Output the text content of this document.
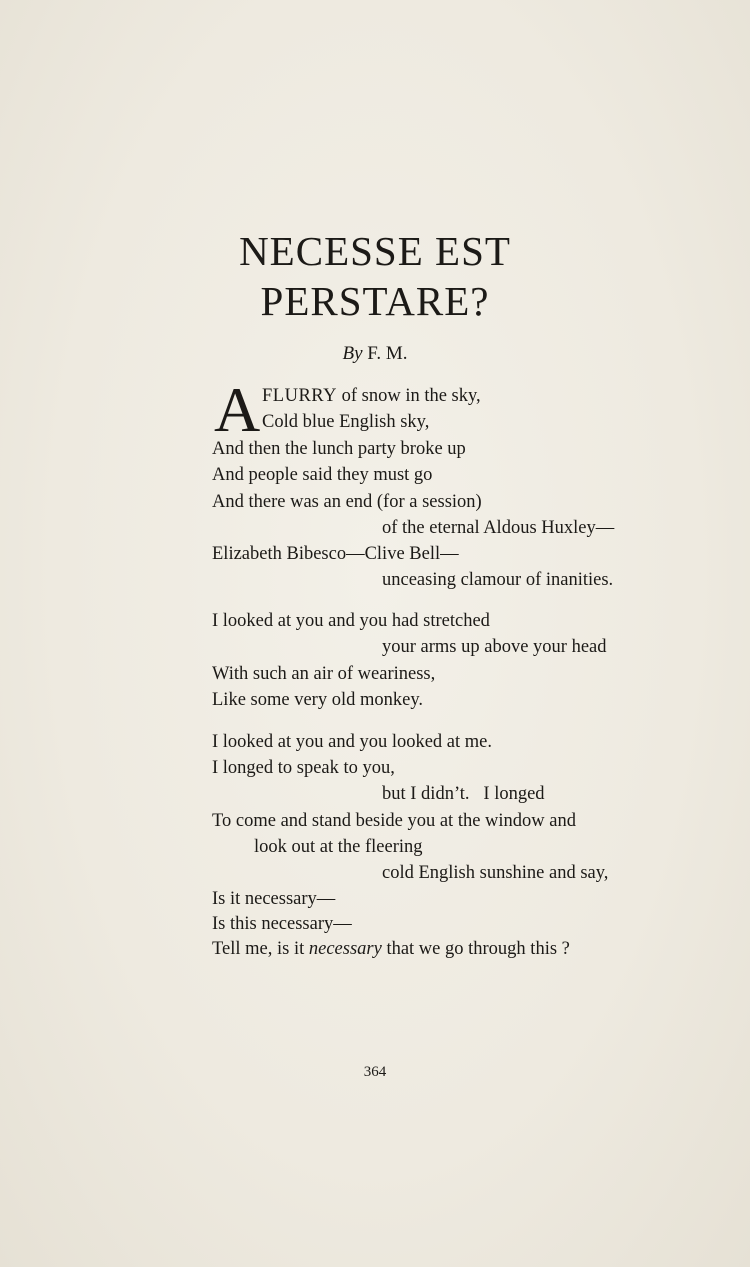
NECESSE EST
PERSTARE?
By F. M.
A FLURRY of snow in the sky,
Cold blue English sky,
And then the lunch party broke up
And people said they must go
And there was an end (for a session)
of the eternal Aldous Huxley—
Elizabeth Bibesco—Clive Bell—
unceasing clamour of inanities.
I looked at you and you had stretched
your arms up above your head
With such an air of weariness,
Like some very old monkey.
I looked at you and you looked at me.
I longed to speak to you,
but I didn’t.   I longed
To come and stand beside you at the window and
look out at the fleering
cold English sunshine and say,
Is it necessary—
Is this necessary—
Tell me, is it necessary that we go through this ?
364
